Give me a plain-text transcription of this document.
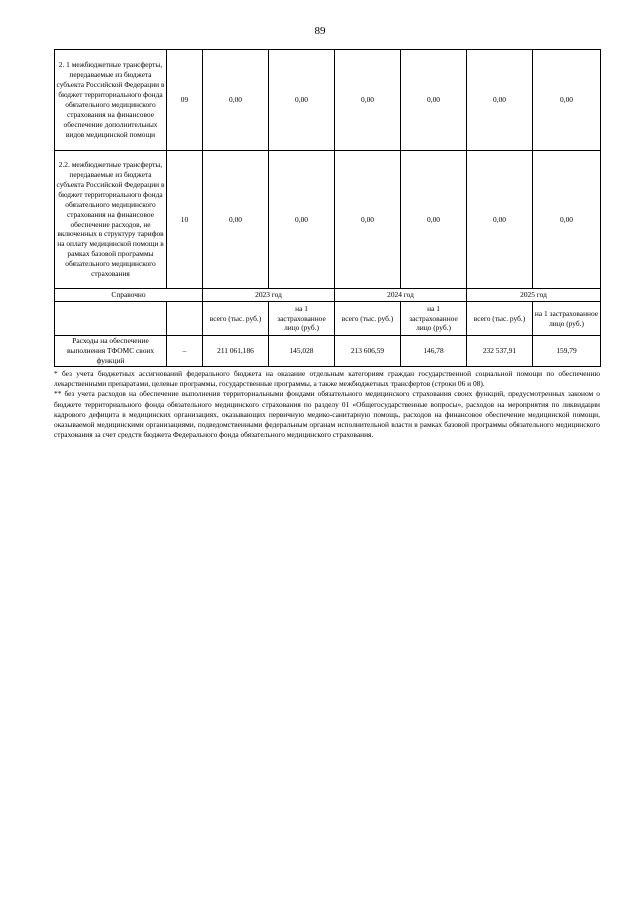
89
2. 1 межбюджетные трансферты, передаваемые из бюджета субъекта Российской Федерации в бюджет территориального фонда обязательного медицинского страхования на финансовое обеспечение дополнительных видов медицинской помощи	09	0,00	0,00	0,00	0,00	0,00	0,00
2.2. межбюджетные трансферты, передаваемые из бюджета субъекта Российской Федерации в бюджет территориального фонда обязательного медицинского страхования на финансовое обеспечение расходов, не включенных в структуру тарифов на оплату медицинской помощи в рамках базовой программы обязательного медицинского страхования	10	0,00	0,00	0,00	0,00	0,00	0,00
Справочно		2023 год		2024 год		2025 год	
		всего (тыс. руб.)	на 1 застрахованное лицо (руб.)	всего (тыс. руб.)	на 1 застрахованное лицо (руб.)	всего (тыс. руб.)	на 1 застрахованное лицо (руб.)
Расходы на обеспечение выполнения ТФОМС своих функций	–	211 061,186	145,028	213 606,59	146,78	232 537,91	159,79

* без учета бюджетных ассигнований федерального бюджета на оказание отдельным категориям граждан государственной социальной помощи по обеспечению лекарственными препаратами, целевые программы, государственные программы, а также межбюджетных трансфертов (строки 06 и 08).

** без учета расходов на обеспечение выполнения территориальными фондами обязательного медицинского страхования своих функций, предусмотренных законом о бюджете территориального фонда обязательного медицинского страхования по разделу 01 «Общегосударственные вопросы», расходов на мероприятия по ликвидации кадрового дефицита в медицинских организациях, оказывающих первичную медико-санитарную помощь, расходов на финансовое обеспечение медицинской помощи, оказываемой медицинскими организациями, подведомственными федеральным органам исполнительной власти в рамках базовой программы обязательного медицинского страхования за счет средств бюджета Федерального фонда обязательного медицинского страхования.
